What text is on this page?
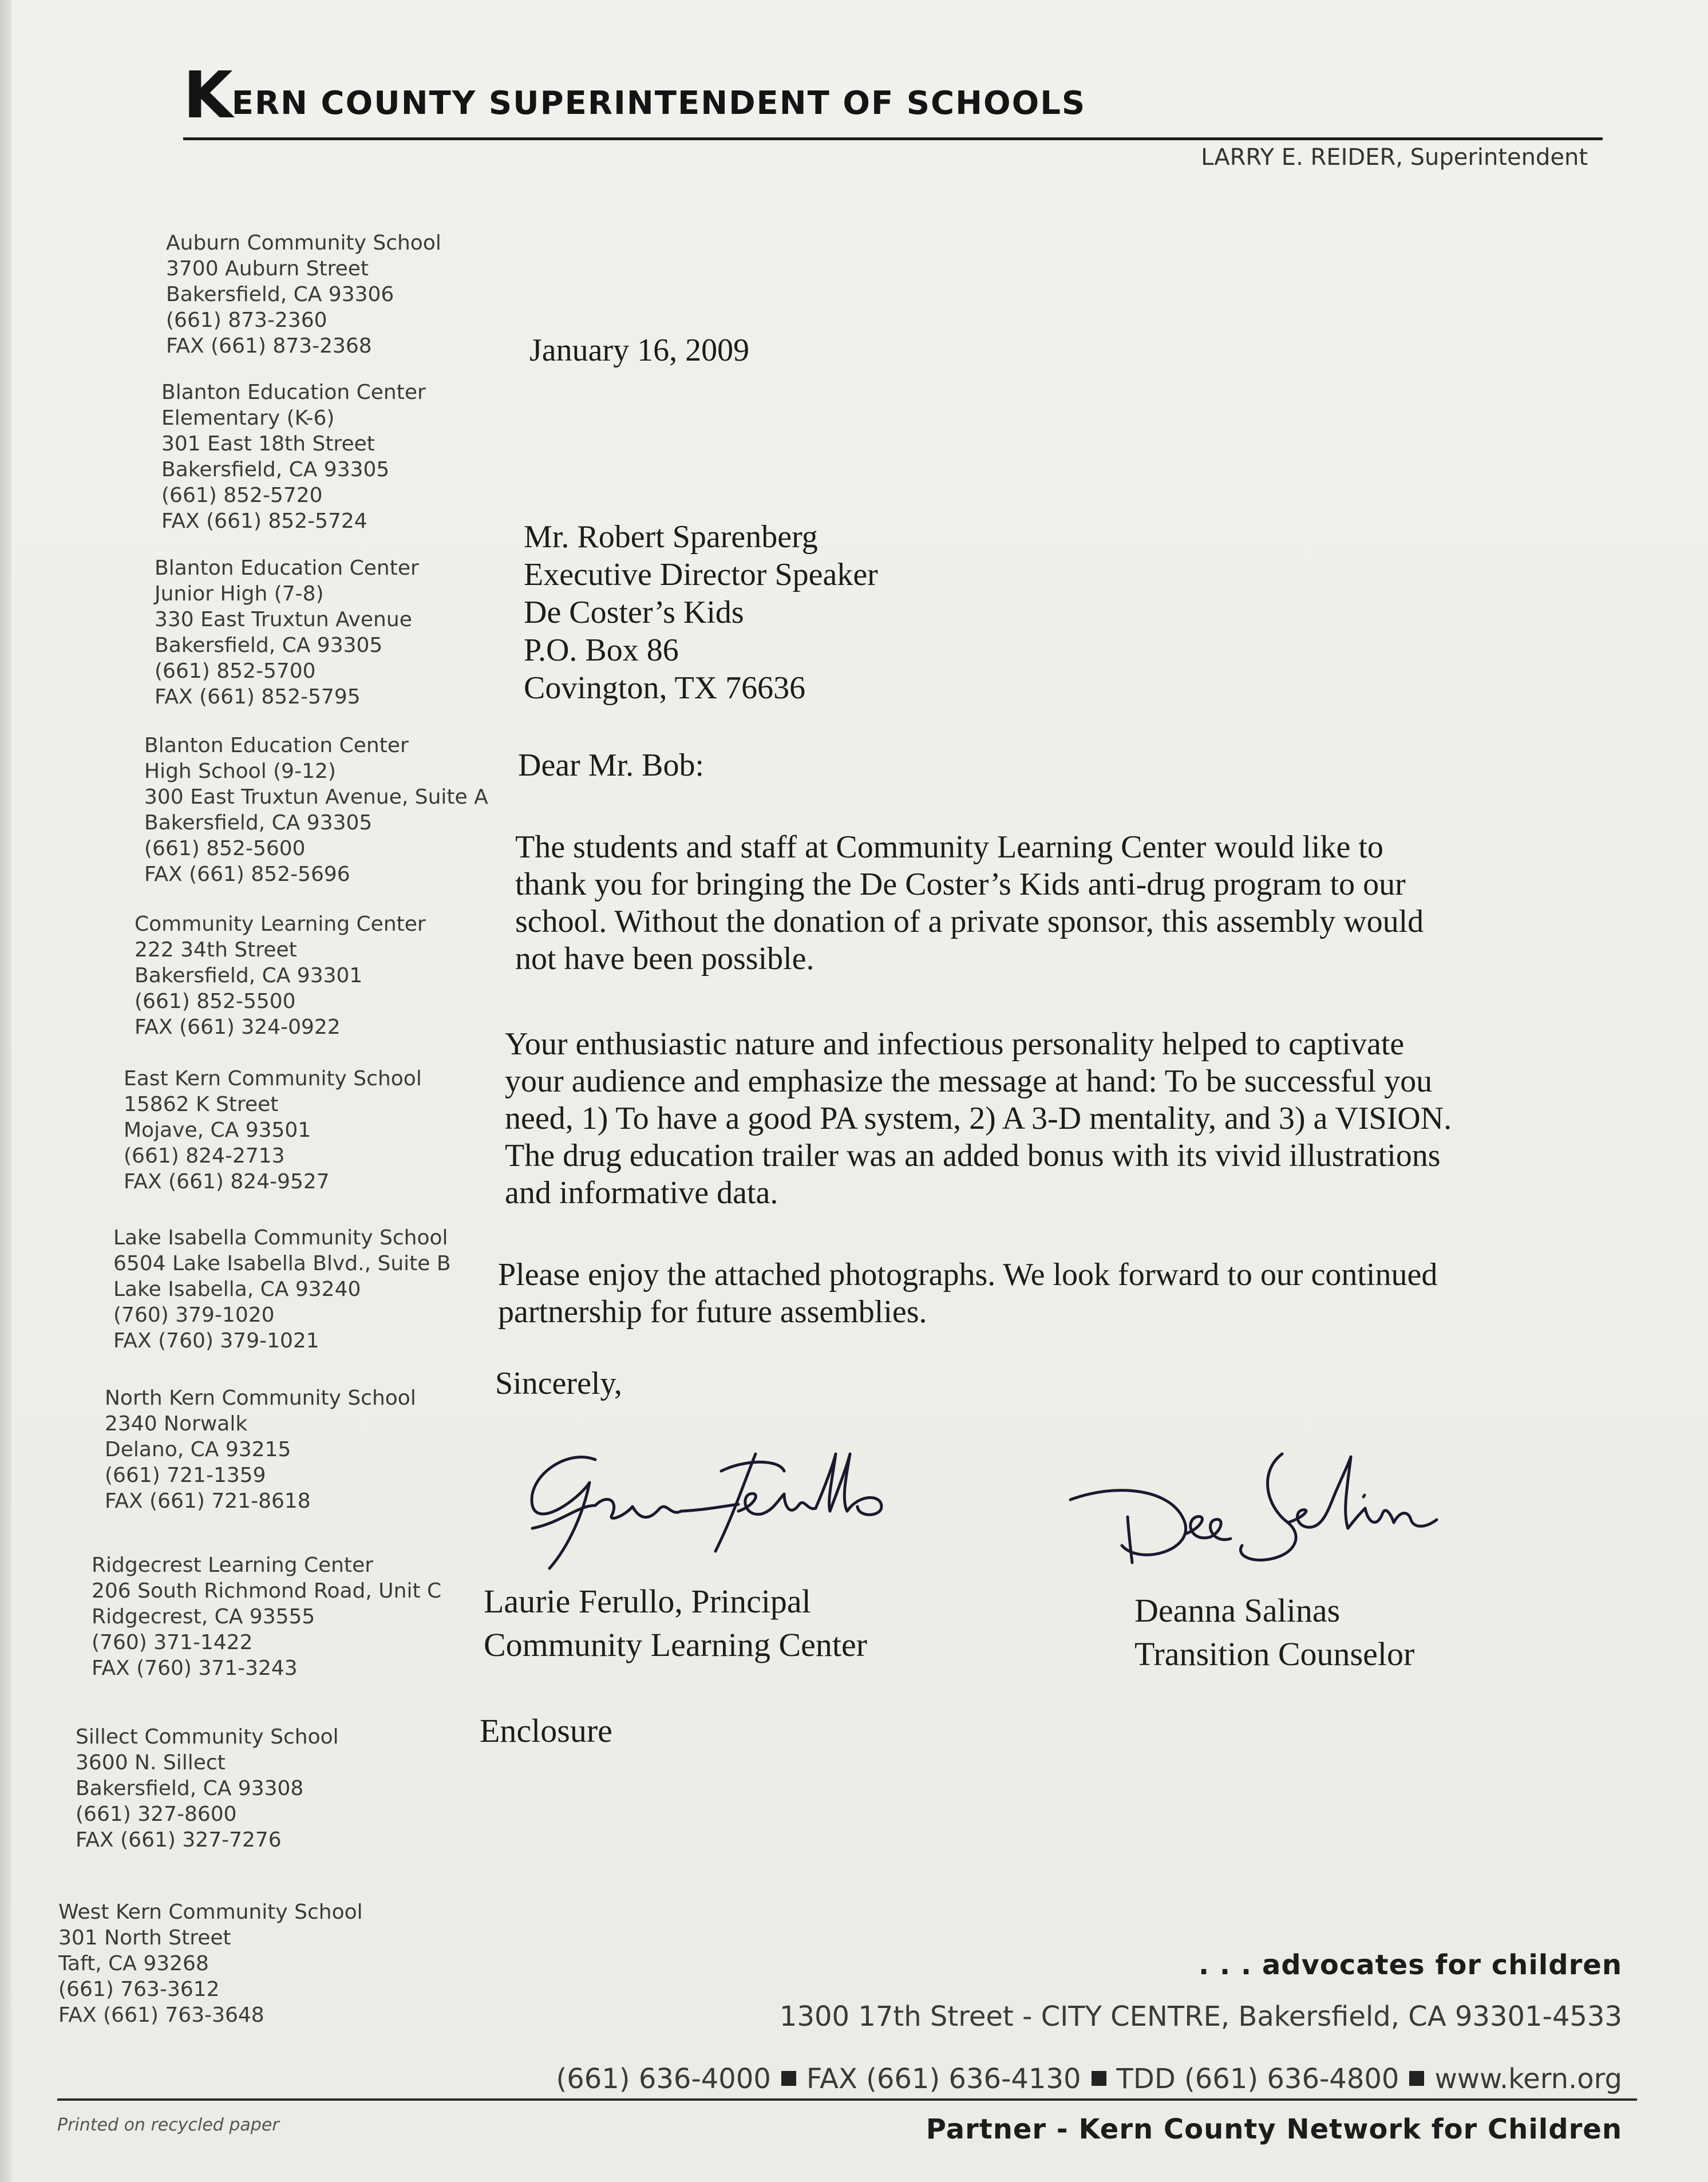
KERN COUNTY SUPERINTENDENT OF SCHOOLS
LARRY E. REIDER, Superintendent
Auburn Community School
3700 Auburn Street
Bakersfield, CA 93306
(661) 873-2360
FAX (661) 873-2368
Blanton Education Center
Elementary (K-6)
301 East 18th Street
Bakersfield, CA 93305
(661) 852-5720
FAX (661) 852-5724
Blanton Education Center
Junior High (7-8)
330 East Truxtun Avenue
Bakersfield, CA 93305
(661) 852-5700
FAX (661) 852-5795
Blanton Education Center
High School (9-12)
300 East Truxtun Avenue, Suite A
Bakersfield, CA 93305
(661) 852-5600
FAX (661) 852-5696
Community Learning Center
222 34th Street
Bakersfield, CA 93301
(661) 852-5500
FAX (661) 324-0922
East Kern Community School
15862 K Street
Mojave, CA 93501
(661) 824-2713
FAX (661) 824-9527
Lake Isabella Community School
6504 Lake Isabella Blvd., Suite B
Lake Isabella, CA 93240
(760) 379-1020
FAX (760) 379-1021
North Kern Community School
2340 Norwalk
Delano, CA 93215
(661) 721-1359
FAX (661) 721-8618
Ridgecrest Learning Center
206 South Richmond Road, Unit C
Ridgecrest, CA 93555
(760) 371-1422
FAX (760) 371-3243
Sillect Community School
3600 N. Sillect
Bakersfield, CA 93308
(661) 327-8600
FAX (661) 327-7276
West Kern Community School
301 North Street
Taft, CA 93268
(661) 763-3612
FAX (661) 763-3648
January 16, 2009
Mr. Robert Sparenberg
Executive Director Speaker
De Coster’s Kids
P.O. Box 86
Covington, TX 76636
Dear Mr. Bob:
The students and staff at Community Learning Center would like to
thank you for bringing the De Coster’s Kids anti-drug program to our
school. Without the donation of a private sponsor, this assembly would
not have been possible.
Your enthusiastic nature and infectious personality helped to captivate
your audience and emphasize the message at hand: To be successful you
need, 1) To have a good PA system, 2) A 3-D mentality, and 3) a VISION.
The drug education trailer was an added bonus with its vivid illustrations
and informative data.
Please enjoy the attached photographs. We look forward to our continued
partnership for future assemblies.
Sincerely,
Laurie Ferullo, Principal
Community Learning Center
Deanna Salinas
Transition Counselor
Enclosure
. . . advocates for children
1300 17th Street - CITY CENTRE, Bakersfield, CA 93301-4533
(661) 636-4000 FAX (661) 636-4130 TDD (661) 636-4800 www.kern.org
Printed on recycled paper	Partner - Kern County Network for Children
